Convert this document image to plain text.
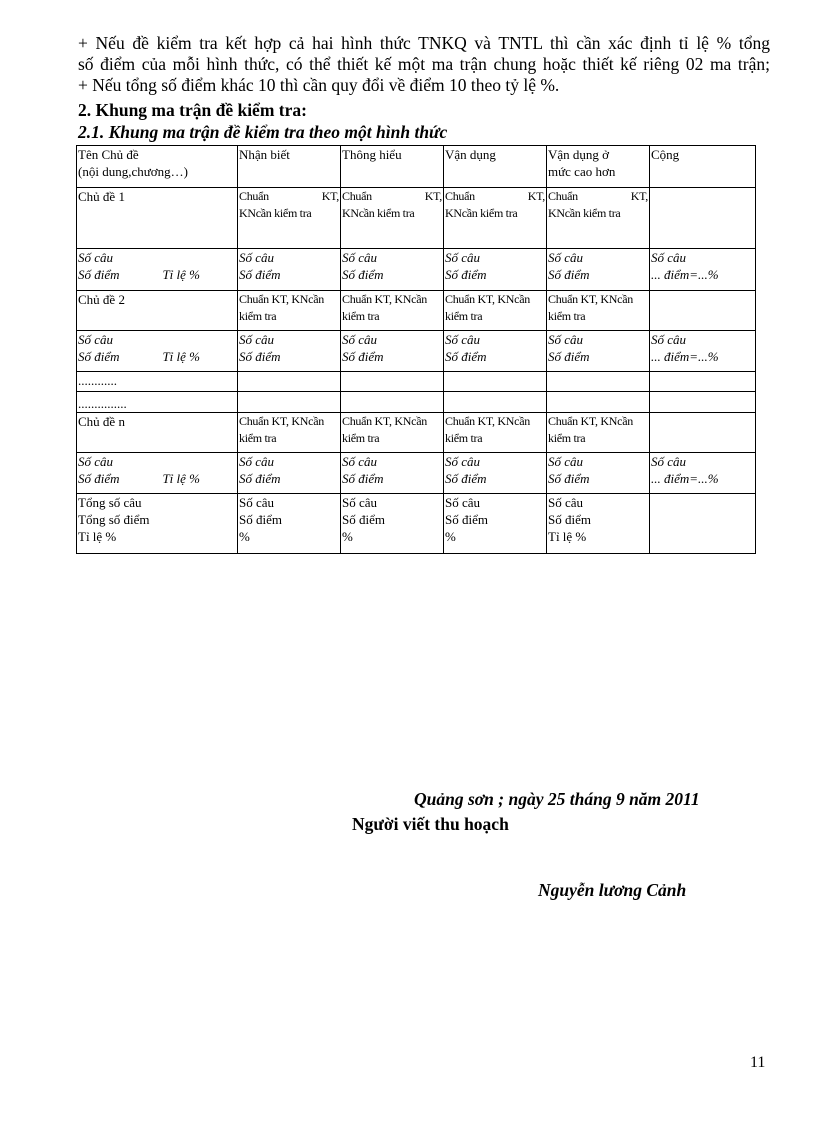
+ Nếu đề kiểm tra kết hợp cả hai hình thức TNKQ và TNTL thì cần xác định tỉ lệ % tổng

số điểm của mỗi hình thức, có thể thiết kế một ma trận chung hoặc thiết kế riêng 02 ma trận;

+ Nếu tổng số điểm khác 10 thì cần quy đổi về điểm 10 theo tỷ lệ %.

2. Khung ma trận đề kiểm tra:

2.1. Khung ma trận đề kiểm tra theo một hình thức

Tên Chủ đề
(nội dung,chương…)	Nhận biết	Thông hiểu	Vận dụng	Vận dụng ở
mức cao hơn	Cộng
Chủ đề 1	Chuẩn KT,
KNcần kiểm tra	Chuẩn KT,
KNcần kiểm tra	Chuẩn KT,
KNcần kiểm tra	Chuẩn KT,
KNcần kiểm tra	

Số câu
Số điểm Tỉ lệ %	Số câu
Số điểm	Số câu
Số điểm	Số câu
Số điểm	Số câu
Số điểm	Số câu
... điểm=...%

Chủ đề 2	Chuẩn KT, KNcần
kiểm tra	Chuẩn KT, KNcần
kiểm tra	Chuẩn KT, KNcần
kiểm tra	Chuẩn KT, KNcần
kiểm tra	

Số câu
Số điểm Tỉ lệ %	Số câu
Số điểm	Số câu
Số điểm	Số câu
Số điểm	Số câu
Số điểm	Số câu
... điểm=...%

............					
...............					
Chủ đề n	Chuẩn KT, KNcần
kiểm tra	Chuẩn KT, KNcần
kiểm tra	Chuẩn KT, KNcần
kiểm tra	Chuẩn KT, KNcần
kiểm tra	

Số câu
Số điểm Tỉ lệ %	Số câu
Số điểm	Số câu
Số điểm	Số câu
Số điểm	Số câu
Số điểm	Số câu
... điểm=...%

Tổng số câu
Tổng số điểm
Tỉ lệ %	Số câu
Số điểm
%	Số câu
Số điểm
%	Số câu
Số điểm
%	Số câu
Số điểm
Tỉ lệ %	

Quảng sơn ; ngày 25 tháng 9 năm 2011

Người viết thu hoạch

Nguyễn lương Cảnh

11
